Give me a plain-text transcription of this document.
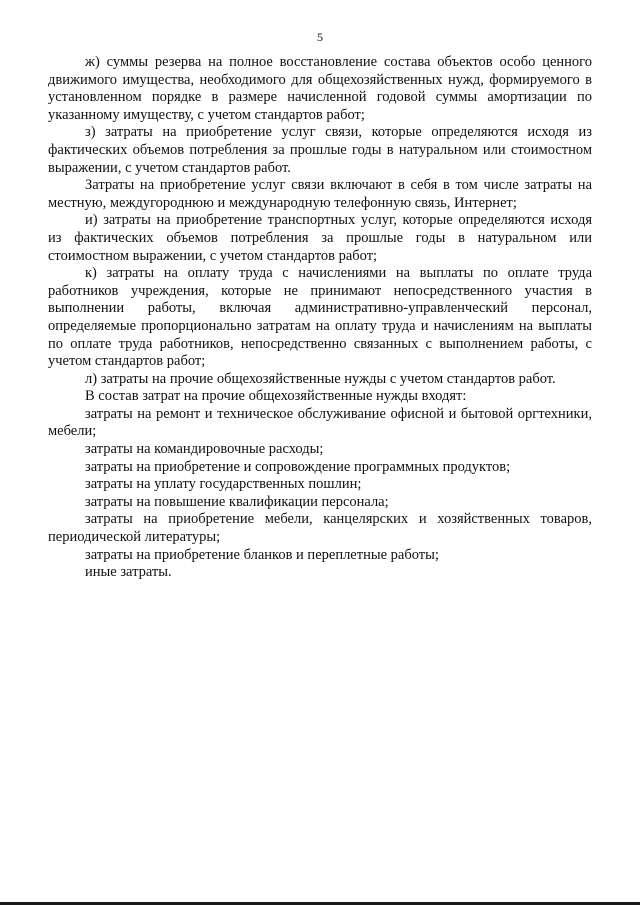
5

ж) суммы резерва на полное восстановление состава объектов особо ценного движимого имущества, необходимого для общехозяйственных нужд, формируемого в установленном порядке в размере начисленной годовой суммы амортизации по указанному имуществу, с учетом стандартов работ;

з) затраты на приобретение услуг связи, которые определяются исходя из фактических объемов потребления за прошлые годы в натуральном или стоимостном выражении, с учетом стандартов работ.

Затраты на приобретение услуг связи включают в себя в том числе затраты на местную, междугороднюю и международную телефонную связь, Интернет;

и) затраты на приобретение транспортных услуг, которые определяются исходя из фактических объемов потребления за прошлые годы в натуральном или стоимостном выражении, с учетом стандартов работ;

к) затраты на оплату труда с начислениями на выплаты по оплате труда работников учреждения, которые не принимают непосредственного участия в выполнении работы, включая административно-управленческий персонал, определяемые пропорционально затратам на оплату труда и начислениям на выплаты по оплате труда работников, непосредственно связанных с выполнением работы, с учетом стандартов работ;

л) затраты на прочие общехозяйственные нужды с учетом стандартов работ.

В состав затрат на прочие общехозяйственные нужды входят:

затраты на ремонт и техническое обслуживание офисной и бытовой оргтехники, мебели;

затраты на командировочные расходы;

затраты на приобретение и сопровождение программных продуктов;

затраты на уплату государственных пошлин;

затраты на повышение квалификации персонала;

затраты на приобретение мебели, канцелярских и хозяйственных товаров, периодической литературы;

затраты на приобретение бланков и переплетные работы;

иные затраты.
